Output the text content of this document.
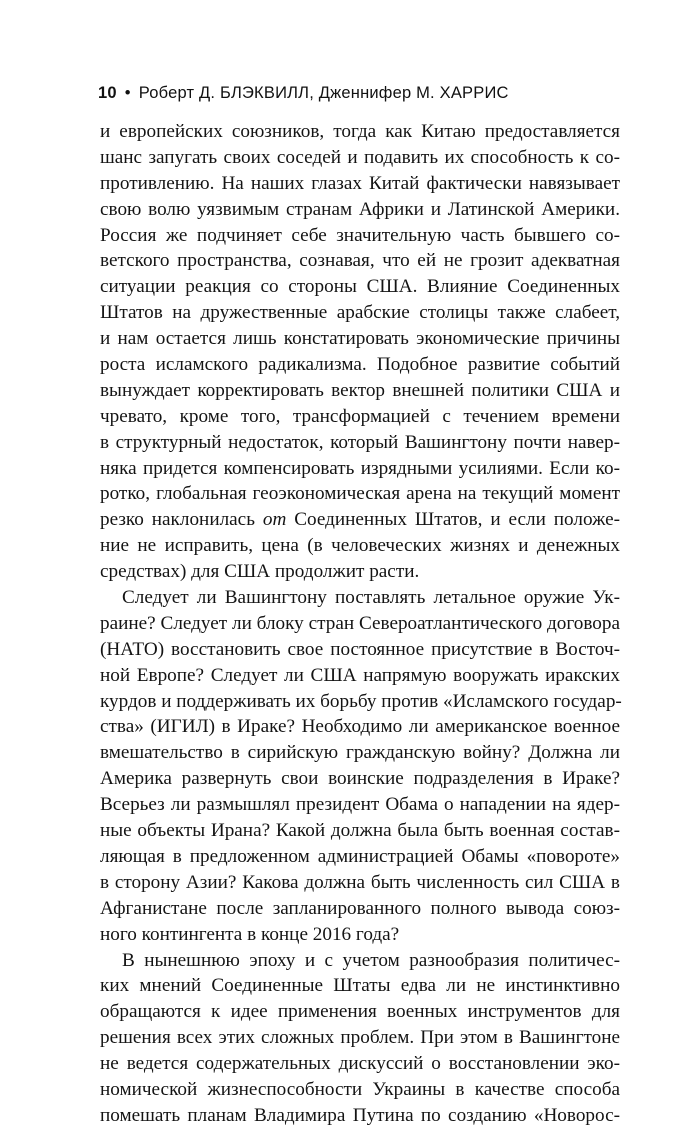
10 • Роберт Д. БЛЭКВИЛЛ, Дженнифер М. ХАРРИС
и европейских союзников, тогда как Китаю предоставляется
шанс запугать своих соседей и подавить их способность к со-
противлению. На наших глазах Китай фактически навязывает
свою волю уязвимым странам Африки и Латинской Америки.
Россия же подчиняет себе значительную часть бывшего со-
ветского пространства, сознавая, что ей не грозит адекватная
ситуации реакция со стороны США. Влияние Соединенных
Штатов на дружественные арабские столицы также слабеет,
и нам остается лишь констатировать экономические причины
роста исламского радикализма. Подобное развитие событий
вынуждает корректировать вектор внешней политики США и
чревато, кроме того, трансформацией с течением времени
в структурный недостаток, который Вашингтону почти навер-
няка придется компенсировать изрядными усилиями. Если ко-
ротко, глобальная геоэкономическая арена на текущий момент
резко наклонилась от Соединенных Штатов, и если положе-
ние не исправить, цена (в человеческих жизнях и денежных
средствах) для США продолжит расти.
Следует ли Вашингтону поставлять летальное оружие Ук-
раине? Следует ли блоку стран Североатлантического договора
(НАТО) восстановить свое постоянное присутствие в Восточ-
ной Европе? Следует ли США напрямую вооружать иракских
курдов и поддерживать их борьбу против «Исламского государ-
ства» (ИГИЛ) в Ираке? Необходимо ли американское военное
вмешательство в сирийскую гражданскую войну? Должна ли
Америка развернуть свои воинские подразделения в Ираке?
Всерьез ли размышлял президент Обама о нападении на ядер-
ные объекты Ирана? Какой должна была быть военная состав-
ляющая в предложенном администрацией Обамы «повороте»
в сторону Азии? Какова должна быть численность сил США в
Афганистане после запланированного полного вывода союз-
ного контингента в конце 2016 года?
В нынешнюю эпоху и с учетом разнообразия политичес-
ких мнений Соединенные Штаты едва ли не инстинктивно
обращаются к идее применения военных инструментов для
решения всех этих сложных проблем. При этом в Вашингтоне
не ведется содержательных дискуссий о восстановлении эко-
номической жизнеспособности Украины в качестве способа
помешать планам Владимира Путина по созданию «Новорос-
